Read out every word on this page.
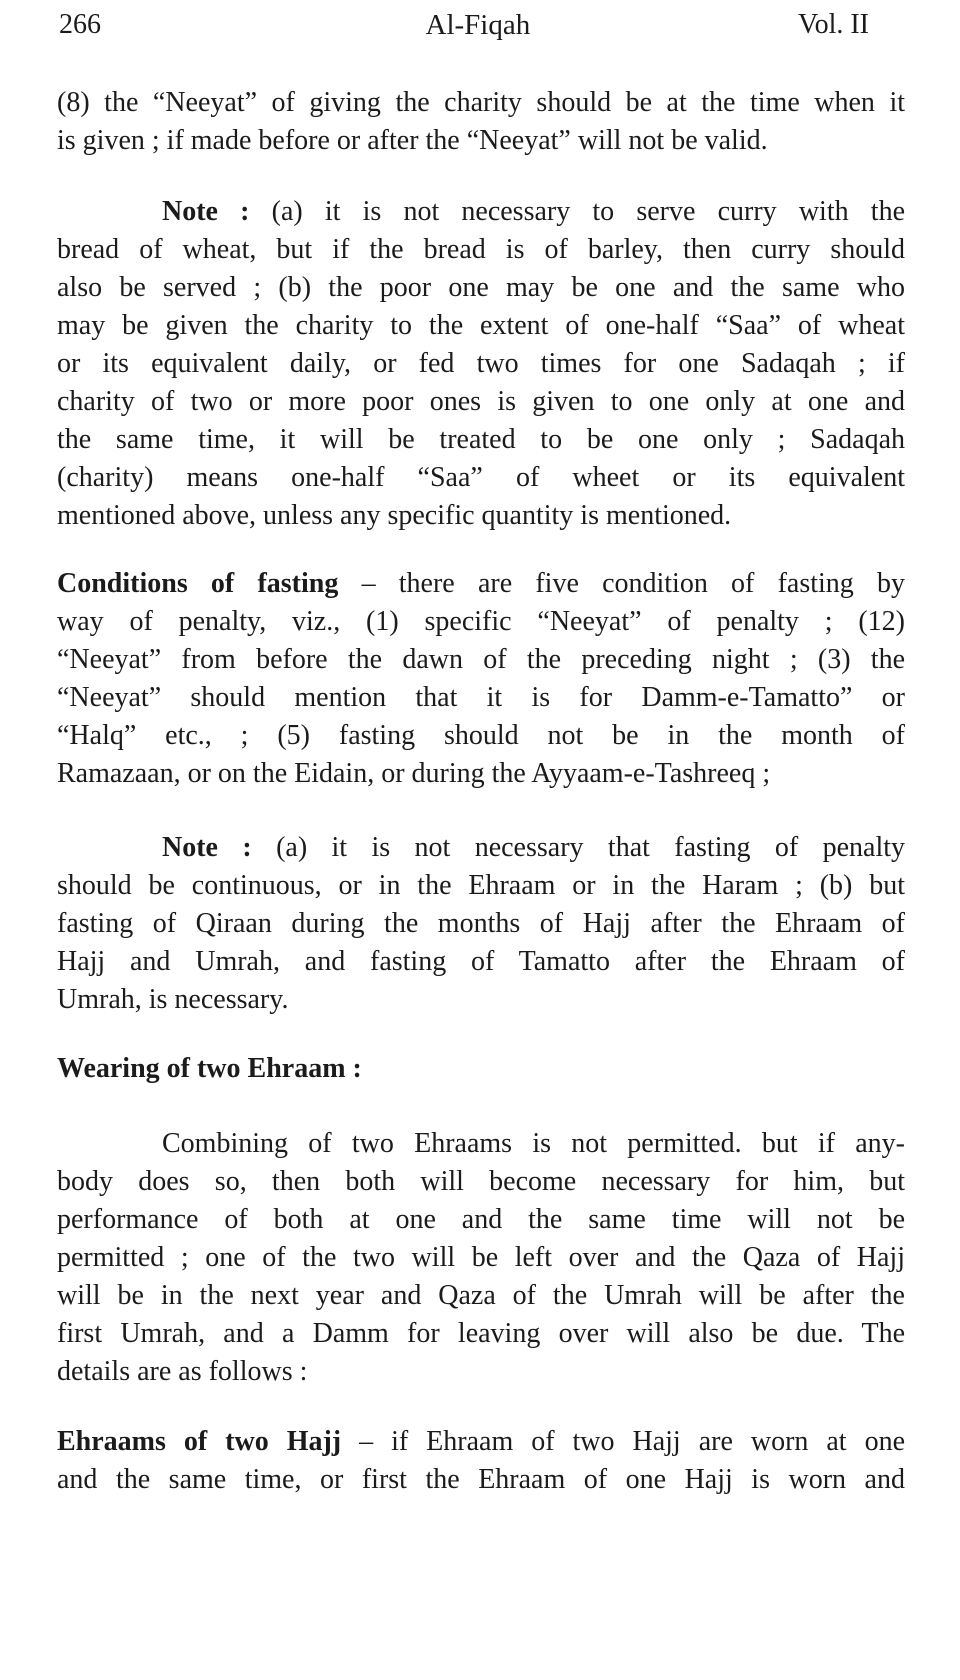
266	Al-Fiqah	Vol. II
(8) the “Neeyat” of giving the charity should be at the time when it
is given ; if made before or after the “Neeyat” will not be valid.
Note : (a) it is not necessary to serve curry with the
bread of wheat, but if the bread is of barley, then curry should
also be served ; (b) the poor one may be one and the same who
may be given the charity to the extent of one-half “Saa” of wheat
or its equivalent daily, or fed two times for one Sadaqah ; if
charity of two or more poor ones is given to one only at one and
the same time, it will be treated to be one only ; Sadaqah
(charity) means one-half “Saa” of wheet or its equivalent
mentioned above, unless any specific quantity is mentioned.
Conditions of fasting – there are five condition of fasting by
way of penalty, viz., (1) specific “Neeyat” of penalty ; (12)
“Neeyat” from before the dawn of the preceding night ; (3) the
“Neeyat” should mention that it is for Damm-e-Tamatto” or
“Halq” etc., ; (5) fasting should not be in the month of
Ramazaan, or on the Eidain, or during the Ayyaam-e-Tashreeq ;
Note : (a) it is not necessary that fasting of penalty
should be continuous, or in the Ehraam or in the Haram ; (b) but
fasting of Qiraan during the months of Hajj after the Ehraam of
Hajj and Umrah, and fasting of Tamatto after the Ehraam of
Umrah, is necessary.
Wearing of two Ehraam :
Combining of two Ehraams is not permitted. but if any-
body does so, then both will become necessary for him, but
performance of both at one and the same time will not be
permitted ; one of the two will be left over and the Qaza of Hajj
will be in the next year and Qaza of the Umrah will be after the
first Umrah, and a Damm for leaving over will also be due. The
details are as follows :
Ehraams of two Hajj – if Ehraam of two Hajj are worn at one
and the same time, or first the Ehraam of one Hajj is worn and
